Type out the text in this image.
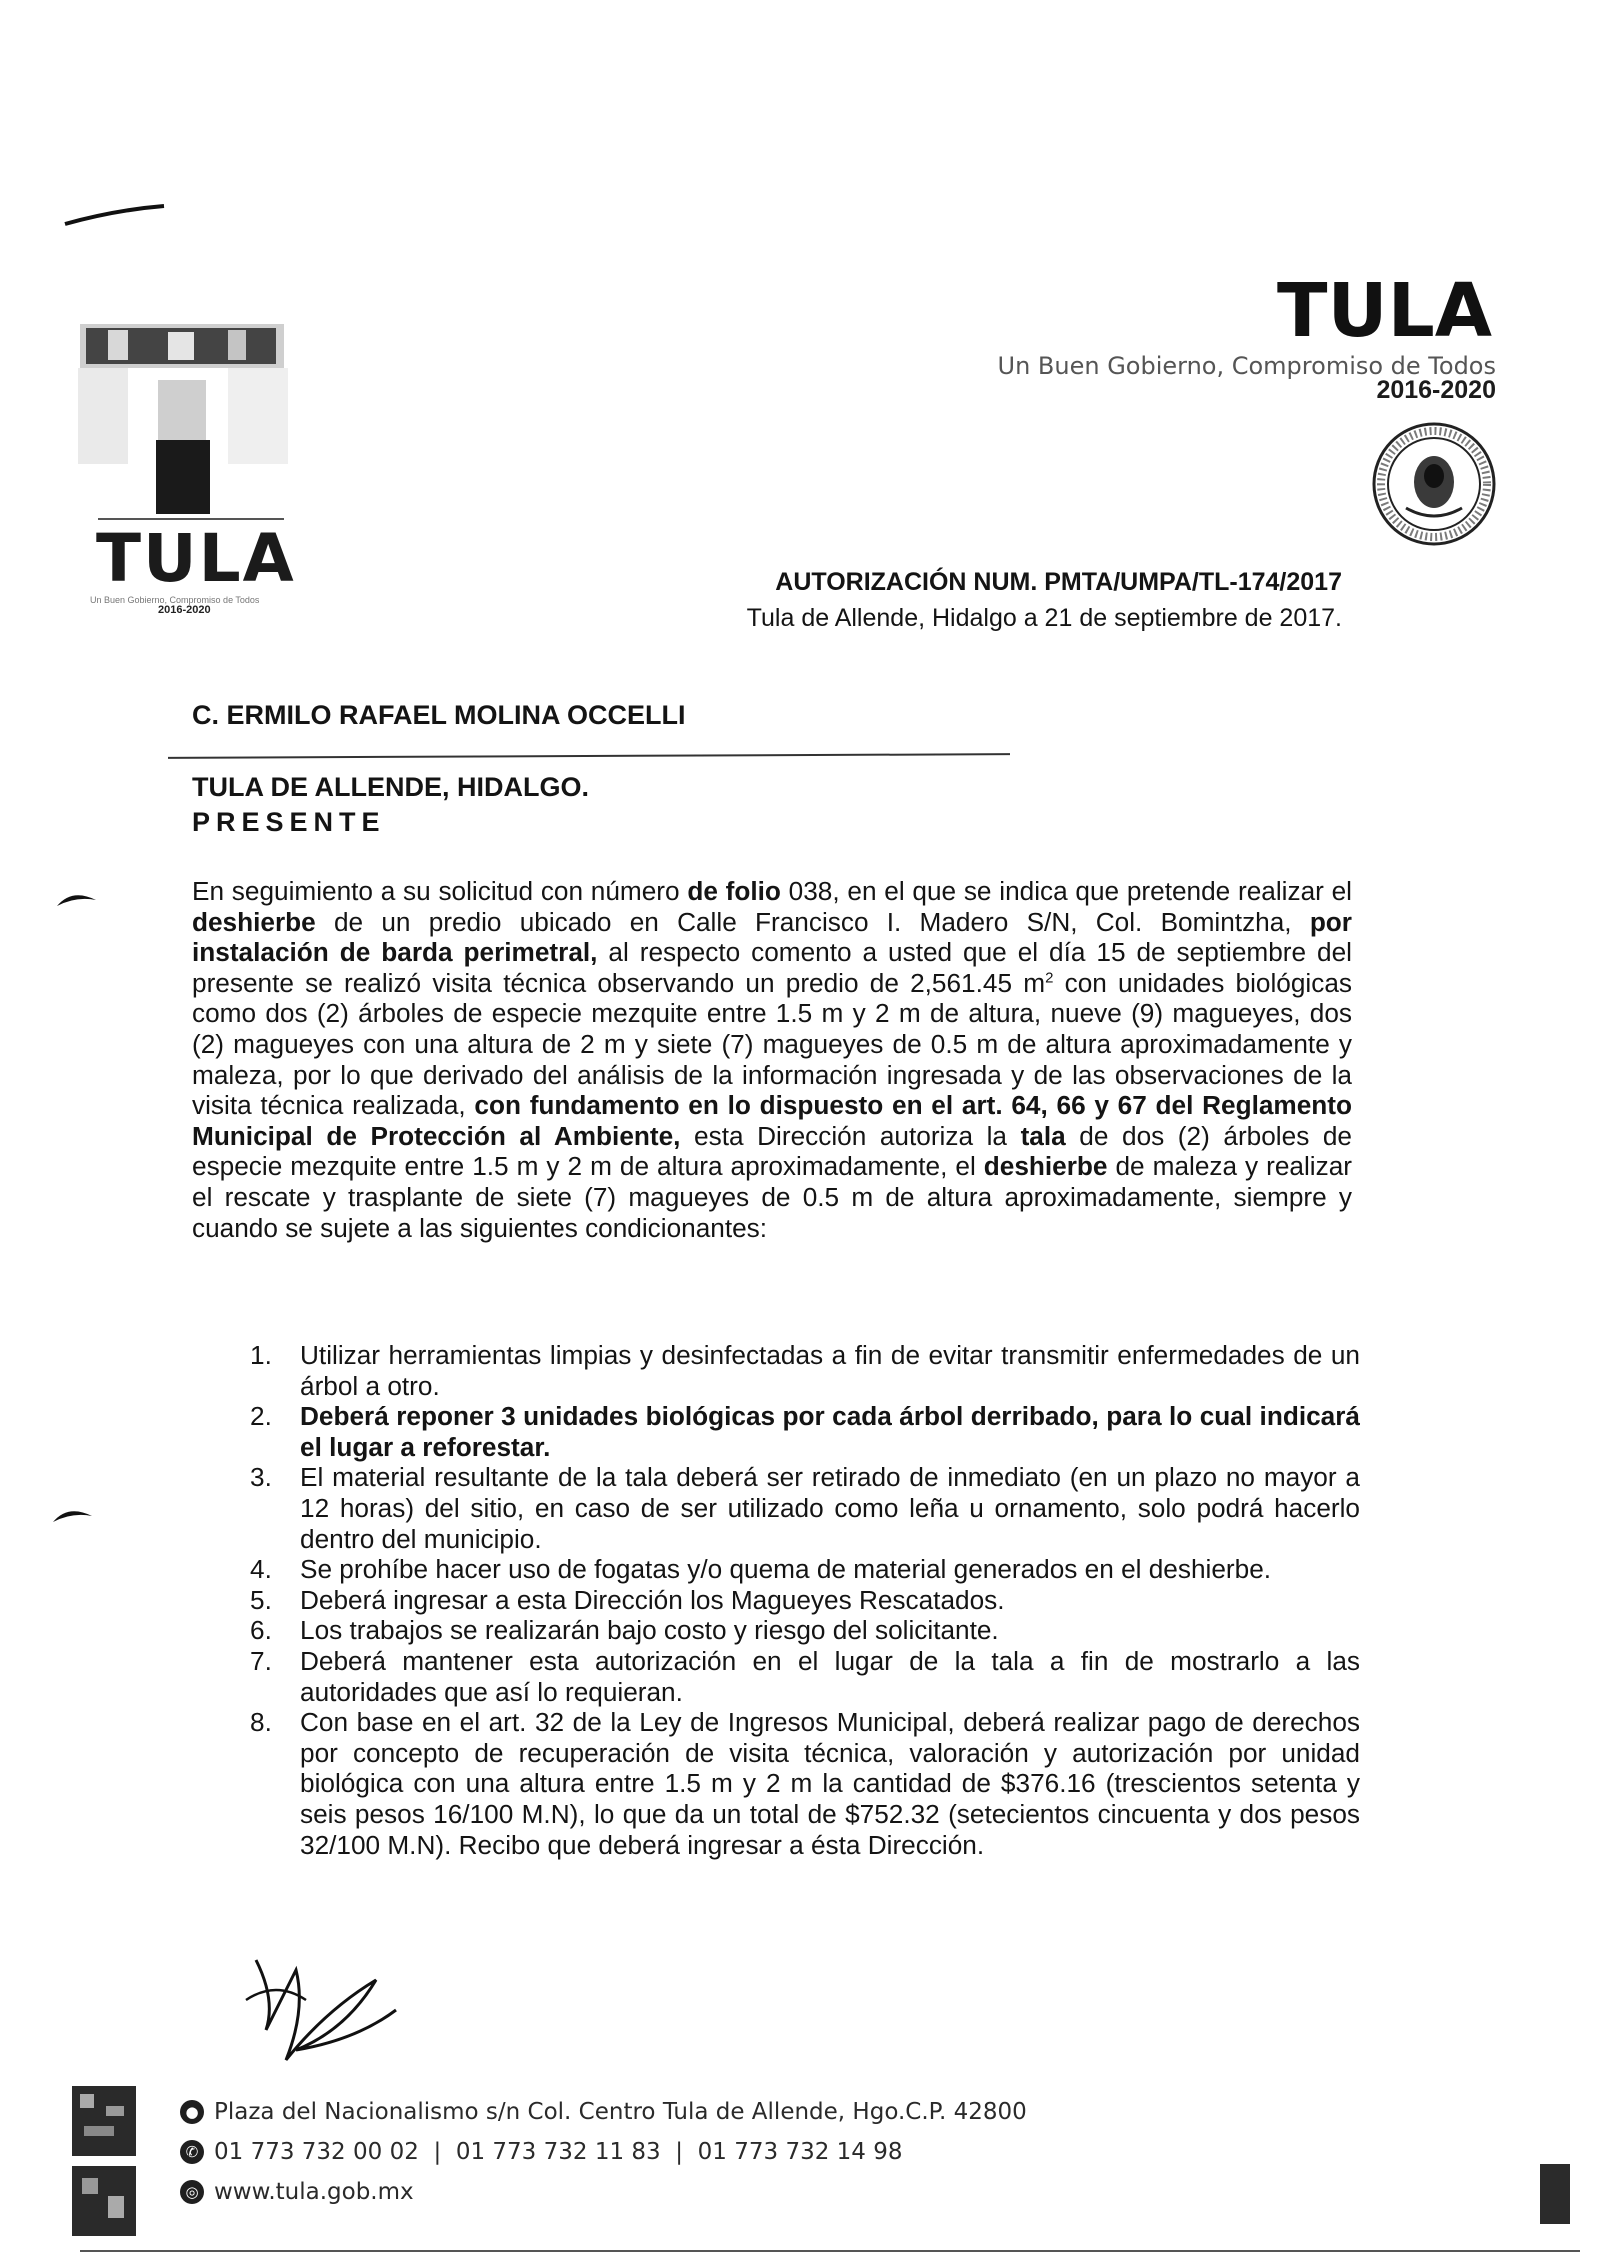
TULA
Un Buen Gobierno, Compromiso de Todos
2016-2020
TULA
Un Buen Gobierno, Compromiso de Todos
2016-2020
AUTORIZACIÓN NUM. PMTA/UMPA/TL-174/2017
Tula de Allende, Hidalgo a 21 de septiembre de 2017.
C. ERMILO RAFAEL MOLINA OCCELLI
TULA DE ALLENDE, HIDALGO.
PRESENTE
En seguimiento a su solicitud con número de folio 038, en el que se indica que pretende realizar el deshierbe de un predio ubicado en Calle Francisco I. Madero S/N, Col. Bomintzha, por instalación de barda perimetral, al respecto comento a usted que el día 15 de septiembre del presente se realizó visita técnica observando un predio de 2,561.45 $m^2$ con unidades biológicas como dos (2) árboles de especie mezquite entre 1.5 m y 2 m de altura, nueve (9) magueyes, dos (2) magueyes con una altura de 2 m y siete (7) magueyes de 0.5 m de altura aproximadamente y maleza, por lo que derivado del análisis de la información ingresada y de las observaciones de la visita técnica realizada, con fundamento en lo dispuesto en el art. 64, 66 y 67 del Reglamento Municipal de Protección al Ambiente, esta Dirección autoriza la tala de dos (2) árboles de especie mezquite entre 1.5 m y 2 m de altura aproximadamente, el deshierbe de maleza y realizar el rescate y trasplante de siete (7) magueyes de 0.5 m de altura aproximadamente, siempre y cuando se sujete a las siguientes condicionantes:
1. Utilizar herramientas limpias y desinfectadas a fin de evitar transmitir enfermedades de un árbol a otro.
2. Deberá reponer 3 unidades biológicas por cada árbol derribado, para lo cual indicará el lugar a reforestar.
3. El material resultante de la tala deberá ser retirado de inmediato (en un plazo no mayor a 12 horas) del sitio, en caso de ser utilizado como leña u ornamento, solo podrá hacerlo dentro del municipio.
4. Se prohíbe hacer uso de fogatas y/o quema de material generados en el deshierbe.
5. Deberá ingresar a esta Dirección los Magueyes Rescatados.
6. Los trabajos se realizarán bajo costo y riesgo del solicitante.
7. Deberá mantener esta autorización en el lugar de la tala a fin de mostrarlo a las autoridades que así lo requieran.
8. Con base en el art. 32 de la Ley de Ingresos Municipal, deberá realizar pago de derechos por concepto de recuperación de visita técnica, valoración y autorización por unidad biológica con una altura entre 1.5 m y 2 m la cantidad de $376.16 (trescientos setenta y seis pesos 16/100 M.N), lo que da un total de $752.32 (setecientos cincuenta y dos pesos 32/100 M.N). Recibo que deberá ingresar a ésta Dirección.
● Plaza del Nacionalismo s/n Col. Centro Tula de Allende, Hgo.C.P. 42800
✆ 01 773 732 00 02  |  01 773 732 11 83  |  01 773 732 14 98
◎ www.tula.gob.mx
